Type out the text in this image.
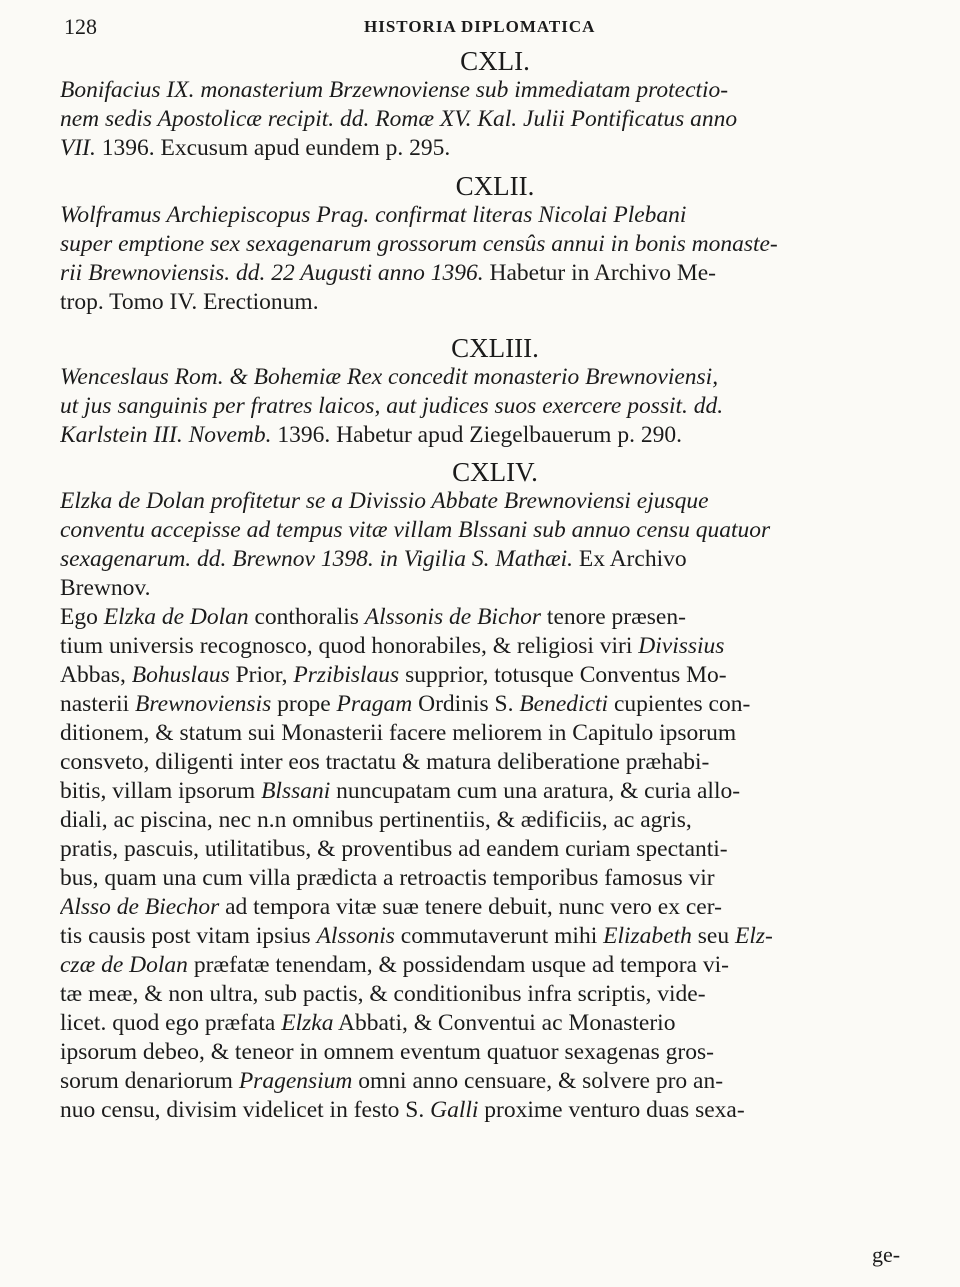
128	HISTORIA DIPLOMATICA
CXLI.
Bonifacius IX. monasterium Brzewnoviense sub immediatam protectio-
nem sedis Apostolicæ recipit. dd. Romæ XV. Kal. Julii Pontificatus anno
VII. 1396. Excusum apud eundem p. 295.
CXLII.
Wolframus Archiepiscopus Prag. confirmat literas Nicolai Plebani
super emptione sex sexagenarum grossorum censûs annui in bonis monaste-
rii Brewnoviensis. dd. 22 Augusti anno 1396. Habetur in Archivo Me-
trop. Tomo IV. Erectionum.
CXLIII.
Wenceslaus Rom. & Bohemiæ Rex concedit monasterio Brewnoviensi,
ut jus sanguinis per fratres laicos, aut judices suos exercere possit. dd.
Karlstein III. Novemb. 1396. Habetur apud Ziegelbauerum p. 290.
CXLIV.
Elzka de Dolan profitetur se a Divissio Abbate Brewnoviensi ejusque
conventu accepisse ad tempus vitæ villam Blssani sub annuo censu quatuor
sexagenarum. dd. Brewnov 1398. in Vigilia S. Mathæi. Ex Archivo
Brewnov.
Ego Elzka de Dolan conthoralis Alssonis de Bichor tenore præsen-
tium universis recognosco, quod honorabiles, & religiosi viri Divissius
Abbas, Bohuslaus Prior, Przibislaus supprior, totusque Conventus Mo-
nasterii Brewnoviensis prope Pragam Ordinis S. Benedicti cupientes con-
ditionem, & statum sui Monasterii facere meliorem in Capitulo ipsorum
consveto, diligenti inter eos tractatu & matura deliberatione præhabi-
bitis, villam ipsorum Blssani nuncupatam cum una aratura, & curia allo-
diali, ac piscina, nec n.n omnibus pertinentiis, & ædificiis, ac agris,
pratis, pascuis, utilitatibus, & proventibus ad eandem curiam spectanti-
bus, quam una cum villa prædicta a retroactis temporibus famosus vir
Alsso de Biechor ad tempora vitæ suæ tenere debuit, nunc vero ex cer-
tis causis post vitam ipsius Alssonis commutaverunt mihi Elizabeth seu Elz-
czæ de Dolan præfatæ tenendam, & possidendam usque ad tempora vi-
tæ meæ, & non ultra, sub pactis, & conditionibus infra scriptis, vide-
licet. quod ego præfata Elzka Abbati, & Conventui ac Monasterio
ipsorum debeo, & teneor in omnem eventum quatuor sexagenas gros-
sorum denariorum Pragensium omni anno censuare, & solvere pro an-
nuo censu, divisim videlicet in festo S. Galli proxime venturo duas sexa-
ge-
